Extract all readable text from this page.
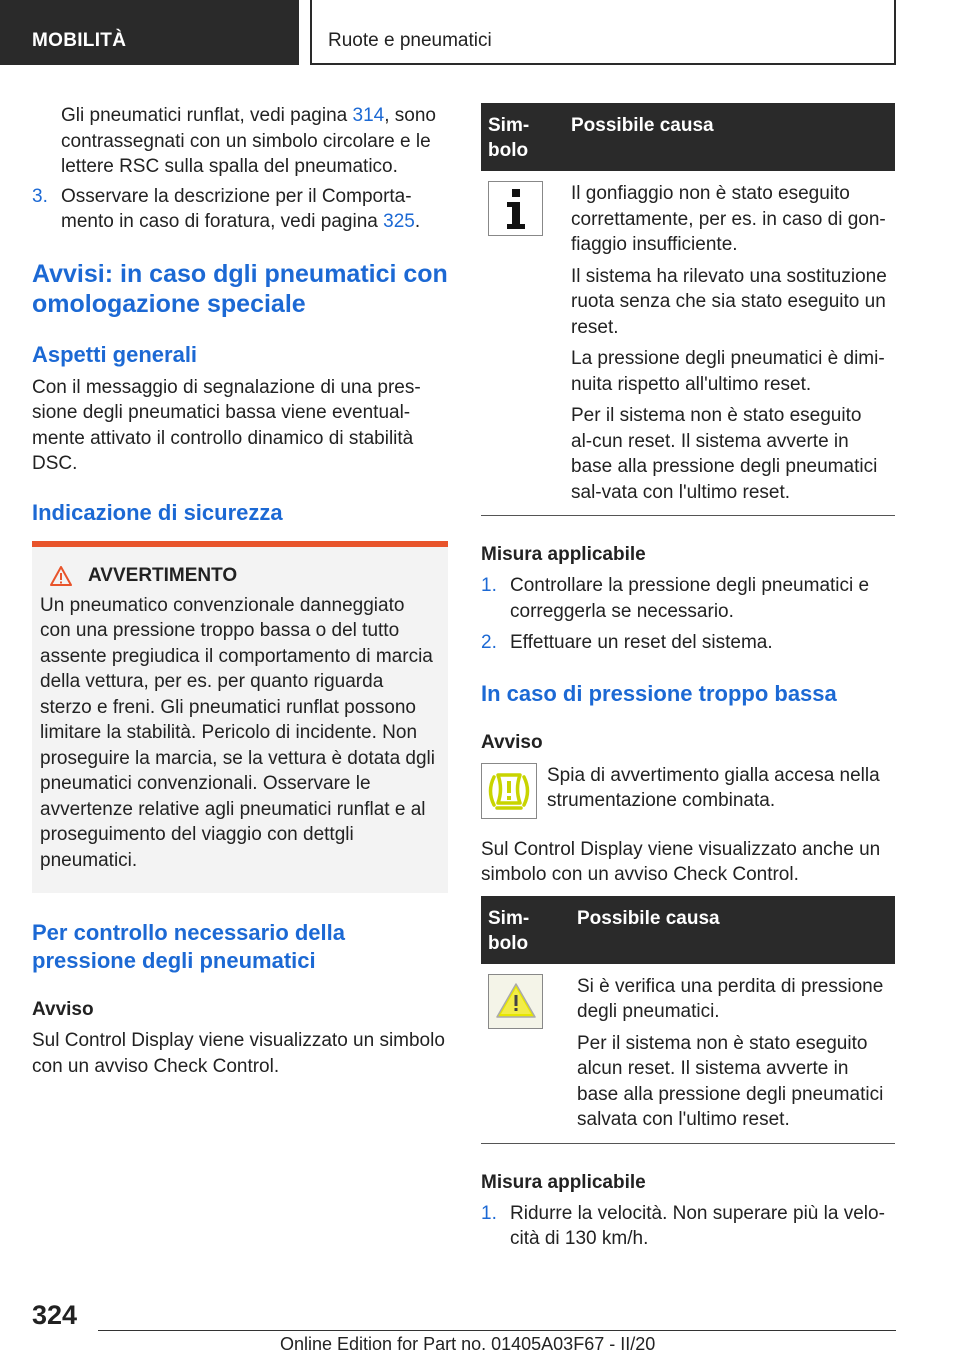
MOBILITÀ	Ruote e pneumatici

Gli pneumatici runflat, vedi pagina 314, sono contrassegnati con un simbolo circolare e le lettere RSC sulla spalla del pneumatico.

3. Osservare la descrizione per il Comporta-mento in caso di foratura, vedi pagina 325.
Avvisi: in caso dgli pneumatici con omologazione speciale
Aspetti generali

Con il messaggio di segnalazione di una pres-sione degli pneumatici bassa viene eventual-mente attivato il controllo dinamico di stabilità DSC.

Indicazione di sicurezza
AVVERTIMENTO

Un pneumatico convenzionale danneggiato con una pressione troppo bassa o del tutto assente pregiudica il comportamento di marcia della vettura, per es. per quanto riguarda sterzo e freni. Gli pneumatici runflat possono limitare la stabilità. Pericolo di incidente. Non proseguire la marcia, se la vettura è dotata dgli pneumatici convenzionali. Osservare le avvertenze relative agli pneumatici runflat e al proseguimento del viaggio con dettgli pneumatici.

Per controllo necessario della pressione degli pneumatici
Avviso

Sul Control Display viene visualizzato un simbolo con un avviso Check Control.

Sim-bolo	Possibile causa

Il gonfiaggio non è stato eseguito correttamente, per es. in caso di gon-fiaggio insufficiente.

Il sistema ha rilevato una sostituzione ruota senza che sia stato eseguito un reset.

La pressione degli pneumatici è dimi-nuita rispetto all'ultimo reset.

Per il sistema non è stato eseguito al-cun reset. Il sistema avverte in base alla pressione degli pneumatici sal-vata con l'ultimo reset.

Misura applicabile
1. Controllare la pressione degli pneumatici e correggerla se necessario.
2. Effettuare un reset del sistema.
In caso di pressione troppo bassa
Avviso

Spia di avvertimento gialla accesa nella strumentazione combinata.

Sul Control Display viene visualizzato anche un simbolo con un avviso Check Control.

Sim-bolo	Possibile causa

Si è verifica una perdita di pressione degli pneumatici.

Per il sistema non è stato eseguito alcun reset. Il sistema avverte in base alla pressione degli pneumatici salvata con l'ultimo reset.

Misura applicabile
1. Ridurre la velocità. Non superare più la velo-cità di 130 km/h.
324
Online Edition for Part no. 01405A03F67 - II/20
